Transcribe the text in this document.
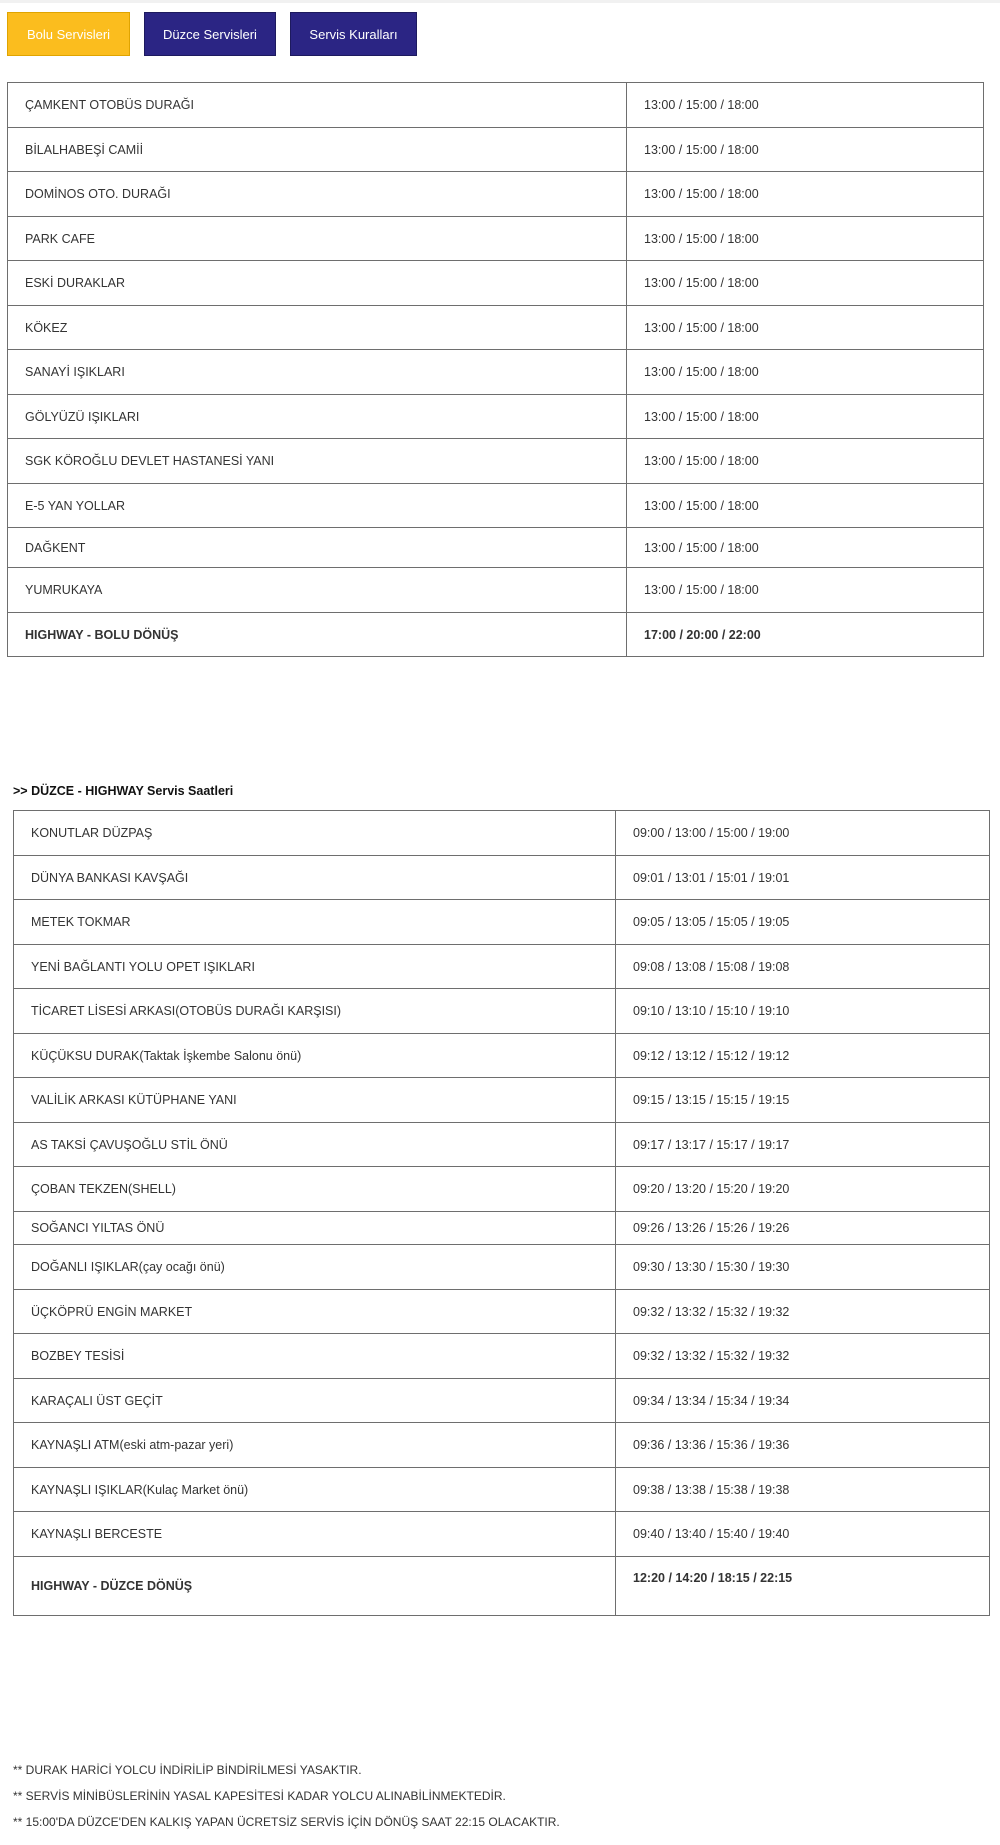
Bolu Servisleri	Düzce Servisleri	Servis Kuralları
ÇAMKENT OTOBÜS DURAĞI	13:00 / 15:00 / 18:00
BİLALHABEŞİ CAMİİ	13:00 / 15:00 / 18:00
DOMİNOS OTO. DURAĞI	13:00 / 15:00 / 18:00
PARK CAFE	13:00 / 15:00 / 18:00
ESKİ DURAKLAR	13:00 / 15:00 / 18:00
KÖKEZ	13:00 / 15:00 / 18:00
SANAYİ IŞIKLARI	13:00 / 15:00 / 18:00
GÖLYÜZÜ IŞIKLARI	13:00 / 15:00 / 18:00
SGK KÖROĞLU DEVLET HASTANESİ YANI	13:00 / 15:00 / 18:00
E-5 YAN YOLLAR	13:00 / 15:00 / 18:00
DAĞKENT	13:00 / 15:00 / 18:00
YUMRUKAYA	13:00 / 15:00 / 18:00
HIGHWAY - BOLU DÖNÜŞ	17:00 / 20:00 / 22:00
>> DÜZCE - HIGHWAY Servis Saatleri
KONUTLAR DÜZPAŞ	09:00 / 13:00 / 15:00 / 19:00
DÜNYA BANKASI KAVŞAĞI	09:01 / 13:01 / 15:01 / 19:01
METEK TOKMAR	09:05 / 13:05 / 15:05 / 19:05
YENİ BAĞLANTI YOLU OPET IŞIKLARI	09:08 / 13:08 / 15:08 / 19:08
TİCARET LİSESİ ARKASI(OTOBÜS DURAĞI KARŞISI)	09:10 / 13:10 / 15:10 / 19:10
KÜÇÜKSU DURAK(Taktak İşkembe Salonu önü)	09:12 / 13:12 / 15:12 / 19:12
VALİLİK ARKASI KÜTÜPHANE YANI	09:15 / 13:15 / 15:15 / 19:15
AS TAKSİ ÇAVUŞOĞLU STİL ÖNÜ	09:17 / 13:17 / 15:17 / 19:17
ÇOBAN TEKZEN(SHELL)	09:20 / 13:20 / 15:20 / 19:20
SOĞANCI YILTAS ÖNÜ	09:26 / 13:26 / 15:26 / 19:26
DOĞANLI IŞIKLAR(çay ocağı önü)	09:30 / 13:30 / 15:30 / 19:30
ÜÇKÖPRÜ ENGİN MARKET	09:32 / 13:32 / 15:32 / 19:32
BOZBEY TESİSİ	09:32 / 13:32 / 15:32 / 19:32
KARAÇALI ÜST GEÇİT	09:34 / 13:34 / 15:34 / 19:34
KAYNAŞLI ATM(eski atm-pazar yeri)	09:36 / 13:36 / 15:36 / 19:36
KAYNAŞLI IŞIKLAR(Kulaç Market önü)	09:38 / 13:38 / 15:38 / 19:38
KAYNAŞLI BERCESTE	09:40 / 13:40 / 15:40 / 19:40
HIGHWAY - DÜZCE DÖNÜŞ	12:20 / 14:20 / 18:15 / 22:15
** DURAK HARİCİ YOLCU İNDİRİLİP BİNDİRİLMESİ YASAKTIR.
** SERVİS MİNİBÜSLERİNİN YASAL KAPESİTESİ KADAR YOLCU ALINABİLİNMEKTEDİR.
** 15:00'DA DÜZCE'DEN KALKIŞ YAPAN ÜCRETSİZ SERVİS İÇİN DÖNÜŞ SAAT 22:15 OLACAKTIR.
